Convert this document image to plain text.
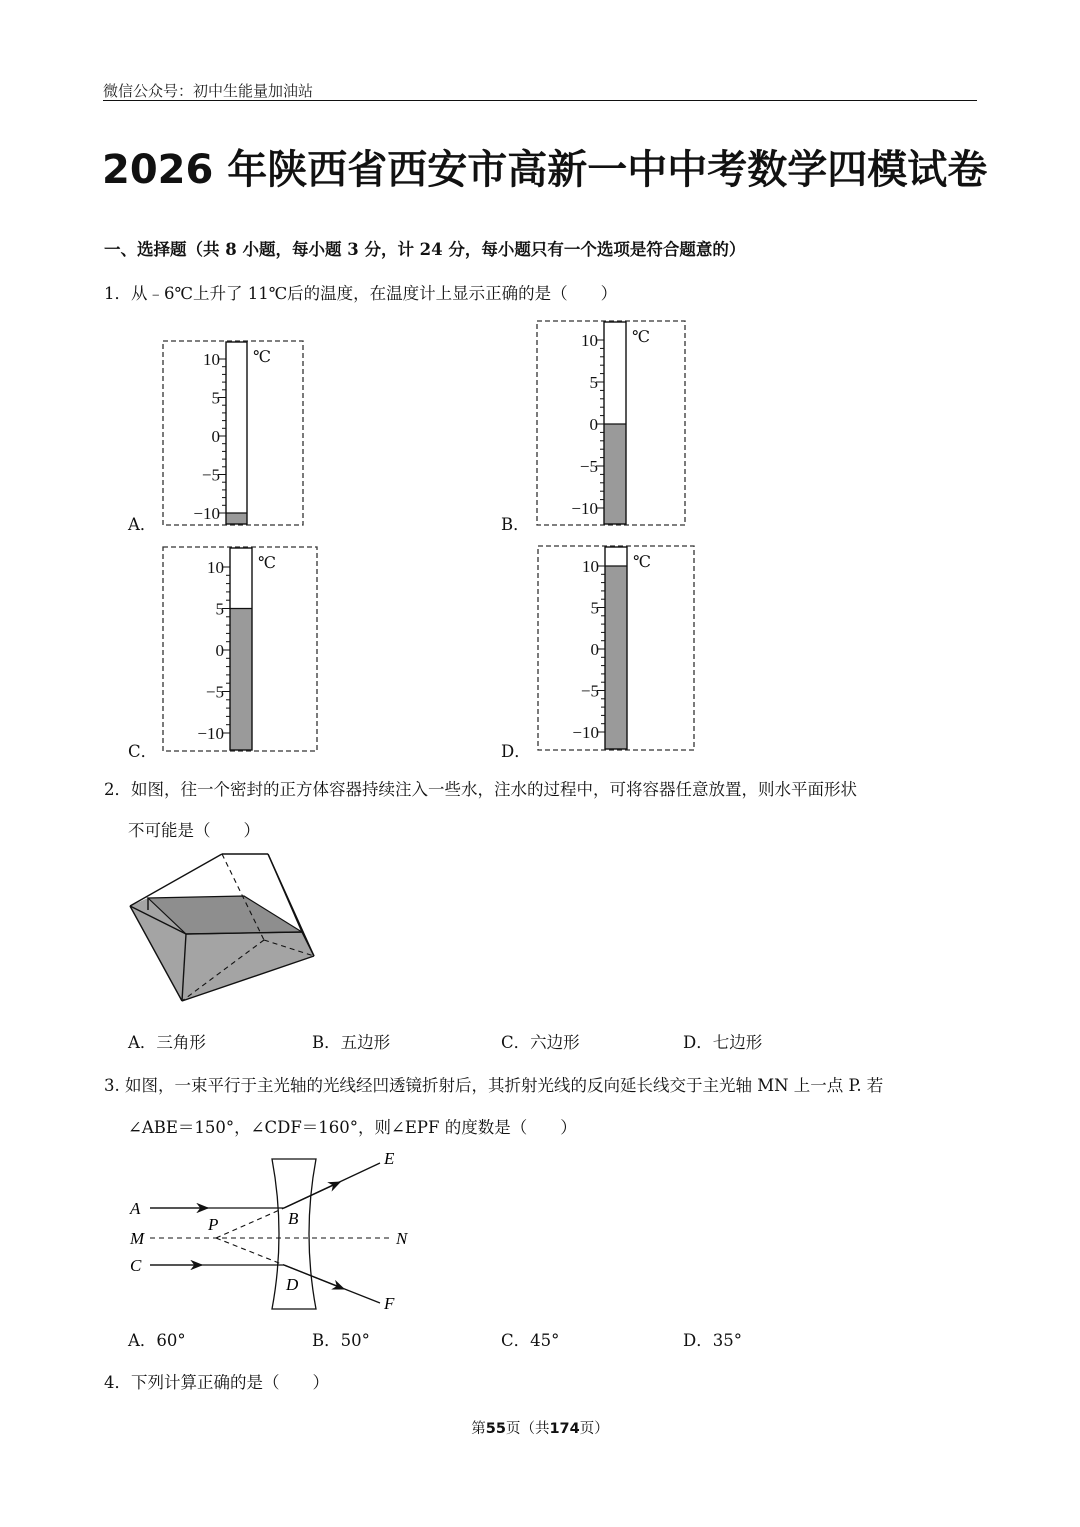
微信公众号：初中生能量加油站
2026 年陕西省西安市高新一中中考数学四模试卷
一、选择题（共 8 小题，每小题 3 分，计 24 分，每小题只有一个选项是符合题意的）
1．从﹣6℃上升了 11℃后的温度，在温度计上显示正确的是（　　）
A．	B．
C．	D．
10
5
0
−5
−10
℃
10
5
0
−5
−10
℃
10
5
0
−5
−10
℃	10
5
0
−5
−10
℃
2．如图，往一个密封的正方体容器持续注入一些水，注水的过程中，可将容器任意放置，则水平面形状
不可能是（　　）
A．三角形	B．五边形	C．六边形	D．七边形
3. 如图，一束平行于主光轴的光线经凹透镜折射后，其折射光线的反向延长线交于主光轴 MN 上一点 P. 若
∠ABE＝150°，∠CDF＝160°，则∠EPF 的度数是（　　）
A
M
C
P	B
D
E
N
F
A．60°	B．50°	C．45°	D．35°
4．下列计算正确的是（　　）
第55页（共174页）
